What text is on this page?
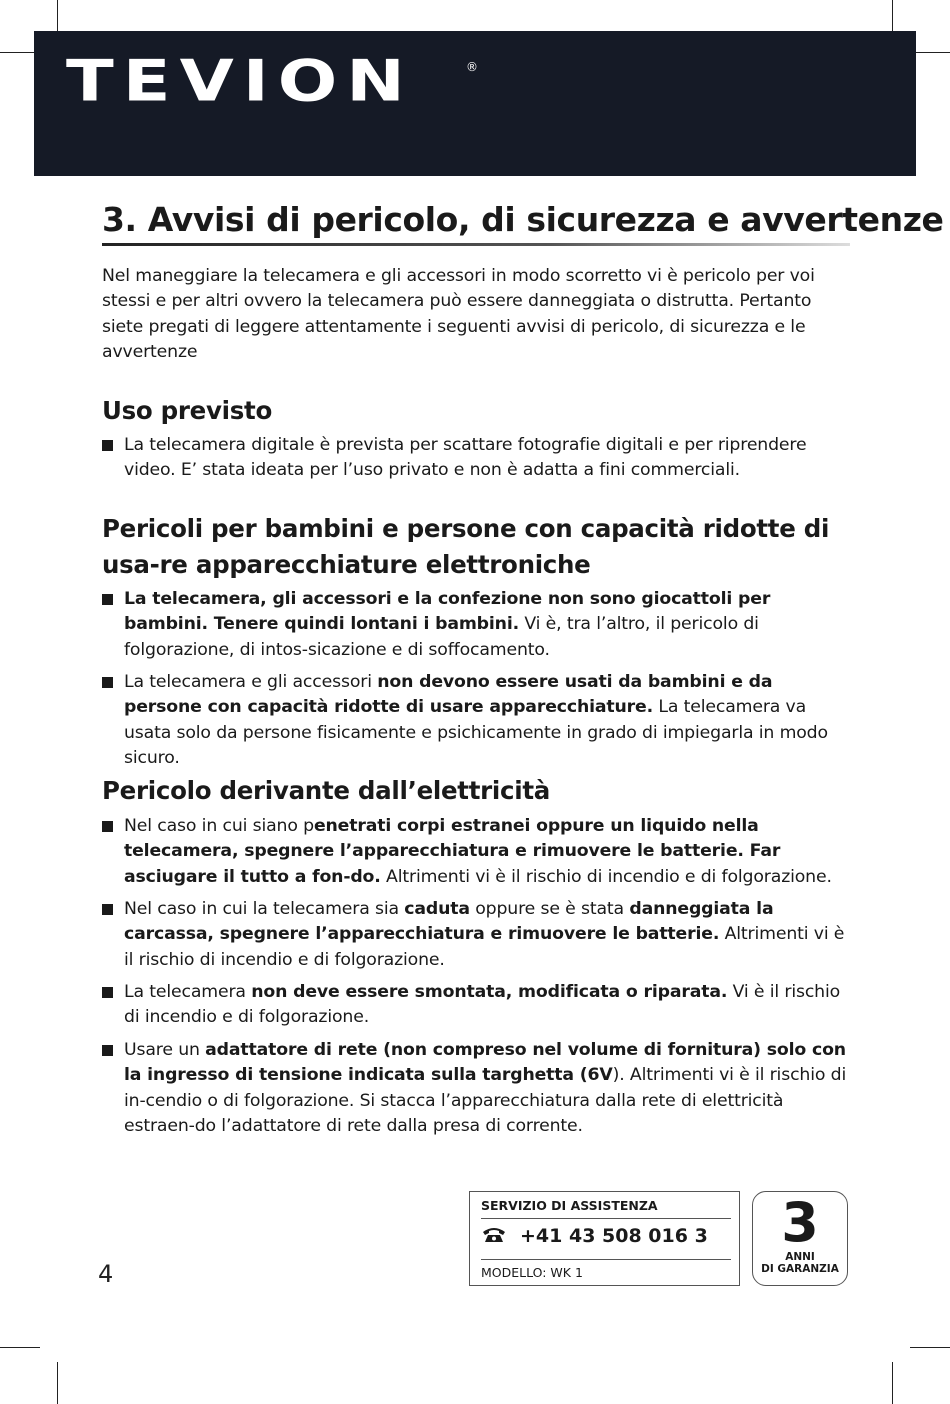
TEVION	®
3. Avvisi di pericolo, di sicurezza e avvertenze

Nel maneggiare la telecamera e gli accessori in modo scorretto vi è pericolo per voi stessi e per altri ovvero la telecamera può essere danneggiata o distrutta. Pertanto siete pregati di leggere attentamente i seguenti avvisi di pericolo, di sicurezza e le avvertenze

Uso previsto
La telecamera digitale è prevista per scattare fotografie digitali e per riprendere video. E’ stata ideata per l’uso privato e non è adatta a fini commerciali.
Pericoli per bambini e persone con capacità ridotte di usa-re apparecchiature elettroniche
La telecamera, gli accessori e la confezione non sono giocattoli per bambini. Tenere quindi lontani i bambini. Vi è, tra l’altro, il pericolo di folgorazione, di intos-sicazione e di soffocamento.
La telecamera e gli accessori non devono essere usati da bambini e da persone con capacità ridotte di usare apparecchiature. La telecamera va usata solo da persone fisicamente e psichicamente in grado di impiegarla in modo sicuro.
Pericolo derivante dall’elettricità
Nel caso in cui siano penetrati corpi estranei oppure un liquido nella telecamera, spegnere l’apparecchiatura e rimuovere le batterie. Far asciugare il tutto a fon-do. Altrimenti vi è il rischio di incendio e di folgorazione.
Nel caso in cui la telecamera sia caduta oppure se è stata danneggiata la carcassa, spegnere l’apparecchiatura e rimuovere le batterie. Altrimenti vi è il rischio di incendio e di folgorazione.
La telecamera non deve essere smontata, modificata o riparata. Vi è il rischio di incendio e di folgorazione.
Usare un adattatore di rete (non compreso nel volume di fornitura) solo con la ingresso di tensione indicata sulla targhetta (6V). Altrimenti vi è il rischio di in-cendio o di folgorazione. Si stacca l’apparecchiatura dalla rete di elettricità estraen-do l’adattatore di rete dalla presa di corrente.
4
SERVIZIO DI ASSISTENZA
+41 43 508 016 3
MODELLO: WK 1
3
ANNI
DI GARANZIA
